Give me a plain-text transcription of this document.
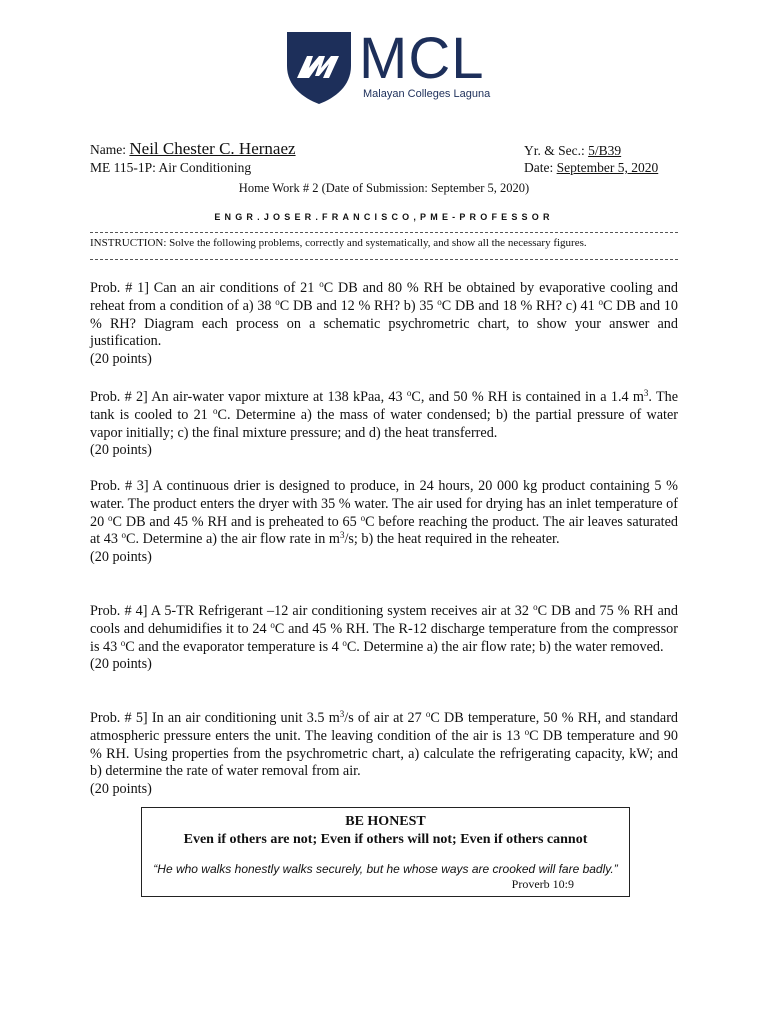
MCL
Malayan Colleges Laguna
Name: Neil Chester C. Hernaez	Yr. & Sec.: 5/B39
ME 115-1P: Air Conditioning	Date: September 5, 2020
Home Work # 2 (Date of Submission: September 5, 2020)
ENGR.JOSER.FRANCISCO,PME-PROFESSOR
INSTRUCTION: Solve the following problems, correctly and systematically, and show all the necessary figures.

Prob. # 1] Can an air conditions of 21 $^o$C DB and 80 % RH be obtained by evaporative cooling and reheat from a condition of a) 38 $^o$C DB and 12 % RH? b) 35 $^o$C DB and 18 % RH? c) 41 $^o$C DB and 10 % RH? Diagram each process on a schematic psychrometric chart, to show your answer and justification.

(20 points)

Prob. # 2] An air-water vapor mixture at 138 kPaa, 43 $^o$C, and 50 % RH is contained in a 1.4 $m^3$. The tank is cooled to 21 $^o$C. Determine a) the mass of water condensed; b) the partial pressure of water vapor initially; c) the final mixture pressure; and d) the heat transferred.

(20 points)

Prob. # 3] A continuous drier is designed to produce, in 24 hours, 20 000 kg product containing 5 % water. The product enters the dryer with 35 % water. The air used for drying has an inlet temperature of 20 $^o$C DB and 45 % RH and is preheated to 65 $^o$C before reaching the product. The air leaves saturated at 43 $^o$C. Determine a) the air flow rate in $m^3/s$; b) the heat required in the reheater.

(20 points)

Prob. # 4] A 5-TR Refrigerant –12 air conditioning system receives air at 32 $^o$C DB and 75 % RH and cools and dehumidifies it to 24 $^o$C and 45 % RH. The R-12 discharge temperature from the compressor is 43 $^o$C and the evaporator temperature is 4 $^o$C. Determine a) the air flow rate; b) the water removed.

(20 points)

Prob. # 5] In an air conditioning unit 3.5 $m^3/s$ of air at 27 $^o$C DB temperature, 50 % RH, and standard atmospheric pressure enters the unit. The leaving condition of the air is 13 $^o$C DB temperature and 90 % RH. Using properties from the psychrometric chart, a) calculate the refrigerating capacity, kW; and b) determine the rate of water removal from air.

(20 points)

BE HONEST
Even if others are not; Even if others will not; Even if others cannot
“He who walks honestly walks securely, but he whose ways are crooked will fare badly.”
Proverb 10:9
